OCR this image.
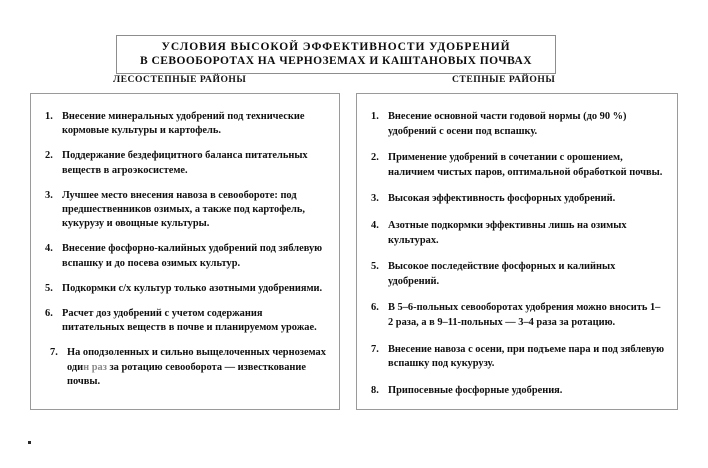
УСЛОВИЯ ВЫСОКОЙ ЭФФЕКТИВНОСТИ УДОБРЕНИЙ
В СЕВООБОРОТАХ НА ЧЕРНОЗЕМАХ И КАШТАНОВЫХ ПОЧВАХ
ЛЕСОСТЕПНЫЕ РАЙОНЫ	СТЕПНЫЕ РАЙОНЫ
1. Внесение минеральных удобрений под технические кормовые культуры и картофель.
2. Поддержание бездефицитного баланса питательных веществ в агроэкосистеме.
3. Лучшее место внесения навоза в севообороте: под предшественников озимых, а также под картофель, кукурузу и овощные культуры.
4. Внесение фосфорно-калийных удобрений под зяблевую вспашку и до посева озимых культур.
5. Подкормки с/х культур только азотными удобрениями.
6. Расчет доз удобрений с учетом содержания питательных веществ в почве и планируемом урожае.
7. На оподзоленных и сильно выщелоченных черноземах один раз за ротацию севооборота — известкование почвы.
1. Внесение основной части годовой нормы (до 90 %) удобрений с осени под вспашку.
2. Применение удобрений в сочетании с орошением, наличием чистых паров, оптимальной обработкой почвы.
3. Высокая эффективность фосфорных удобрений.
4. Азотные подкормки эффективны лишь на озимых культурах.
5. Высокое последействие фосфорных и калийных удобрений.
6. В 5–6-польных севооборотах удобрения можно вносить 1–2 раза, а в 9–11-польных — 3–4 раза за ротацию.
7. Внесение навоза с осени, при подъеме пара и под зяблевую вспашку под кукурузу.
8. Припосевные фосфорные удобрения.
